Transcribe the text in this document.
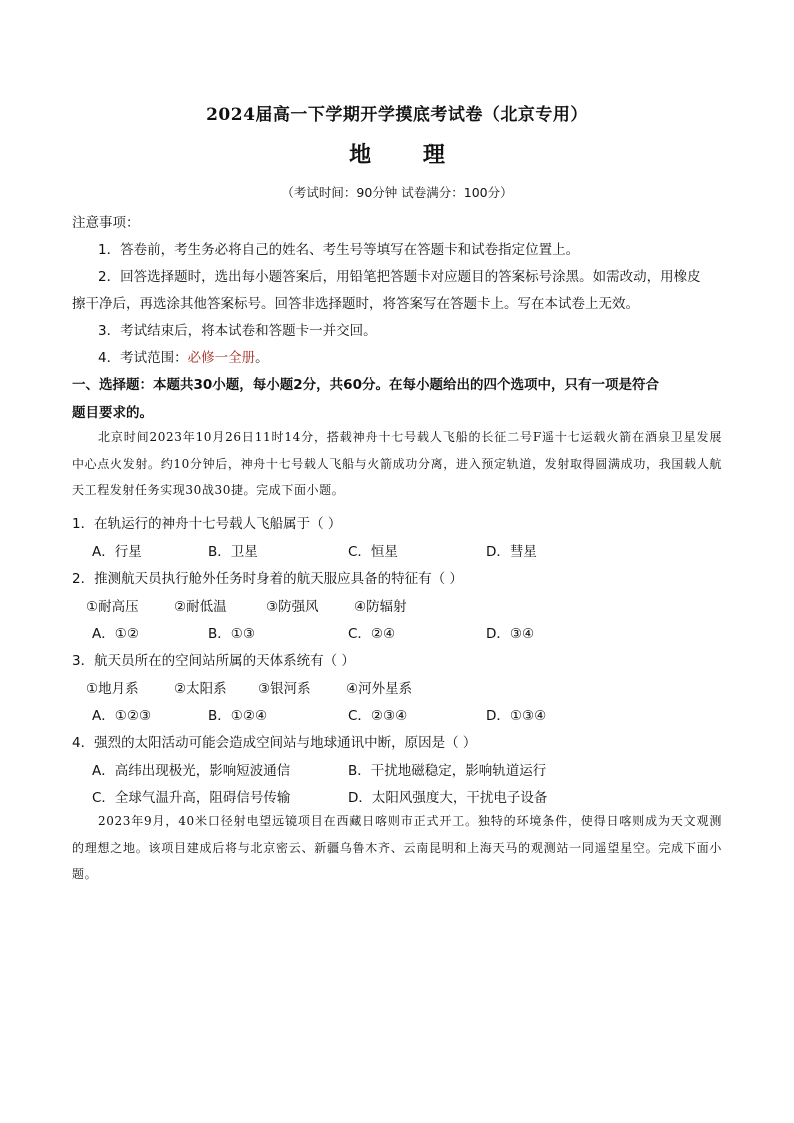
2024届高一下学期开学摸底考试卷（北京专用）
地 理
（考试时间：90分钟 试卷满分：100分）
注意事项：
1．答卷前，考生务必将自己的姓名、考生号等填写在答题卡和试卷指定位置上。
2．回答选择题时，选出每小题答案后，用铅笔把答题卡对应题目的答案标号涂黑。如需改动，用橡皮
擦干净后，再选涂其他答案标号。回答非选择题时，将答案写在答题卡上。写在本试卷上无效。
3．考试结束后，将本试卷和答题卡一并交回。
4．考试范围：必修一全册。
一、选择题：本题共30小题，每小题2分，共60分。在每小题给出的四个选项中，只有一项是符合
题目要求的。
北京时间2023年10月26日11时14分，搭载神舟十七号载人飞船的长征二号F遥十七运载火箭在酒泉卫星发展中心点火发射。约10分钟后，神舟十七号载人飞船与火箭成功分离，进入预定轨道，发射取得圆满成功，我国载人航天工程发射任务实现30战30捷。完成下面小题。
1．在轨运行的神舟十七号载人飞船属于（ ）
A．行星	B．卫星	C．恒星	D．彗星
2．推测航天员执行舱外任务时身着的航天服应具备的特征有（ ）
①耐高压	②耐低温	③防强风	④防辐射
A．①②	B．①③	C．②④	D．③④
3．航天员所在的空间站所属的天体系统有（ ）
①地月系	②太阳系 ③银河系	④河外星系
A．①②③	B．①②④	C．②③④	D．①③④
4．强烈的太阳活动可能会造成空间站与地球通讯中断，原因是（ ）
A．高纬出现极光，影响短波通信	B．干扰地磁稳定，影响轨道运行
C．全球气温升高，阻碍信号传输	D．太阳风强度大，干扰电子设备
2023年9月，40米口径射电望远镜项目在西藏日喀则市正式开工。独特的环境条件，使得日喀则成为天文观测的理想之地。该项目建成后将与北京密云、新疆乌鲁木齐、云南昆明和上海天马的观测站一同遥望星空。完成下面小题。
